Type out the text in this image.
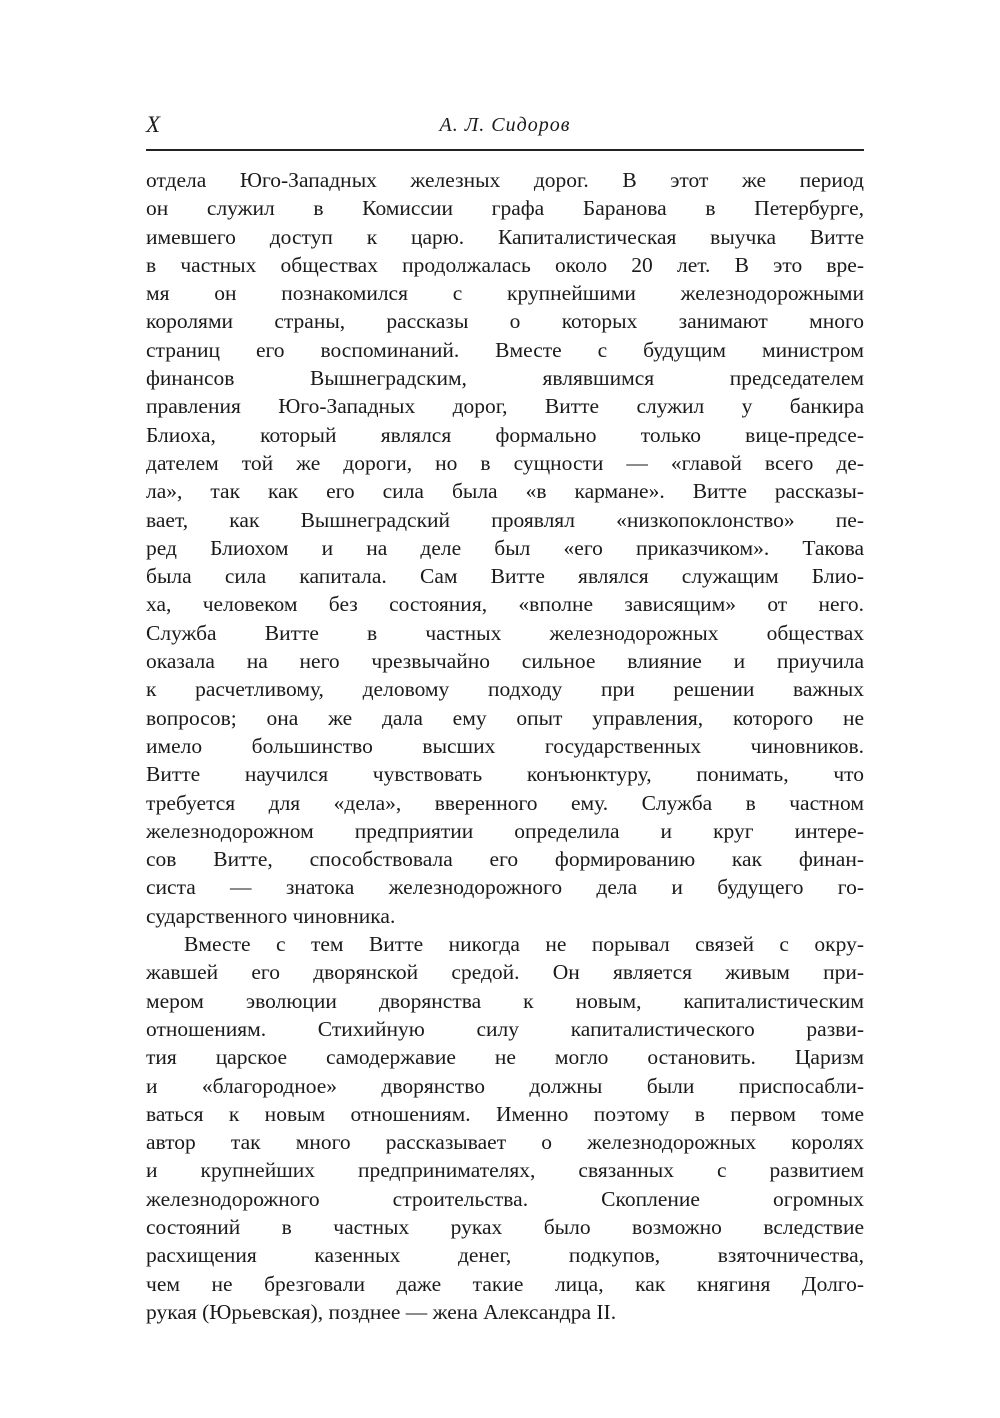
X	А. Л. Сидоров
отдела Юго-Западных железных дорог. В этот же период
он служил в Комиссии графа Баранова в Петербурге,
имевшего доступ к царю. Капиталистическая выучка Витте
в частных обществах продолжалась около 20 лет. В это вре-
мя он познакомился с крупнейшими железнодорожными
королями страны, рассказы о которых занимают много
страниц его воспоминаний. Вместе с будущим министром
финансов Вышнеградским, являвшимся председателем
правления Юго-Западных дорог, Витте служил у банкира
Блиоха, который являлся формально только вице-предсе-
дателем той же дороги, но в сущности — «главой всего де-
ла», так как его сила была «в кармане». Витте рассказы-
вает, как Вышнеградский проявлял «низкопоклонство» пе-
ред Блиохом и на деле был «его приказчиком». Такова
была сила капитала. Сам Витте являлся служащим Блио-
ха, человеком без состояния, «вполне зависящим» от него.
Служба Витте в частных железнодорожных обществах
оказала на него чрезвычайно сильное влияние и приучила
к расчетливому, деловому подходу при решении важных
вопросов; она же дала ему опыт управления, которого не
имело большинство высших государственных чиновников.
Витте научился чувствовать конъюнктуру, понимать, что
требуется для «дела», вверенного ему. Служба в частном
железнодорожном предприятии определила и круг интере-
сов Витте, способствовала его формированию как финан-
систа — знатока железнодорожного дела и будущего го-
сударственного чиновника.
Вместе с тем Витте никогда не порывал связей с окру-
жавшей его дворянской средой. Он является живым при-
мером эволюции дворянства к новым, капиталистическим
отношениям. Стихийную силу капиталистического разви-
тия царское самодержавие не могло остановить. Царизм
и «благородное» дворянство должны были приспосабли-
ваться к новым отношениям. Именно поэтому в первом томе
автор так много рассказывает о железнодорожных королях
и крупнейших предпринимателях, связанных с развитием
железнодорожного строительства. Скопление огромных
состояний в частных руках было возможно вследствие
расхищения казенных денег, подкупов, взяточничества,
чем не брезговали даже такие лица, как княгиня Долго-
рукая (Юрьевская), позднее — жена Александра II.
